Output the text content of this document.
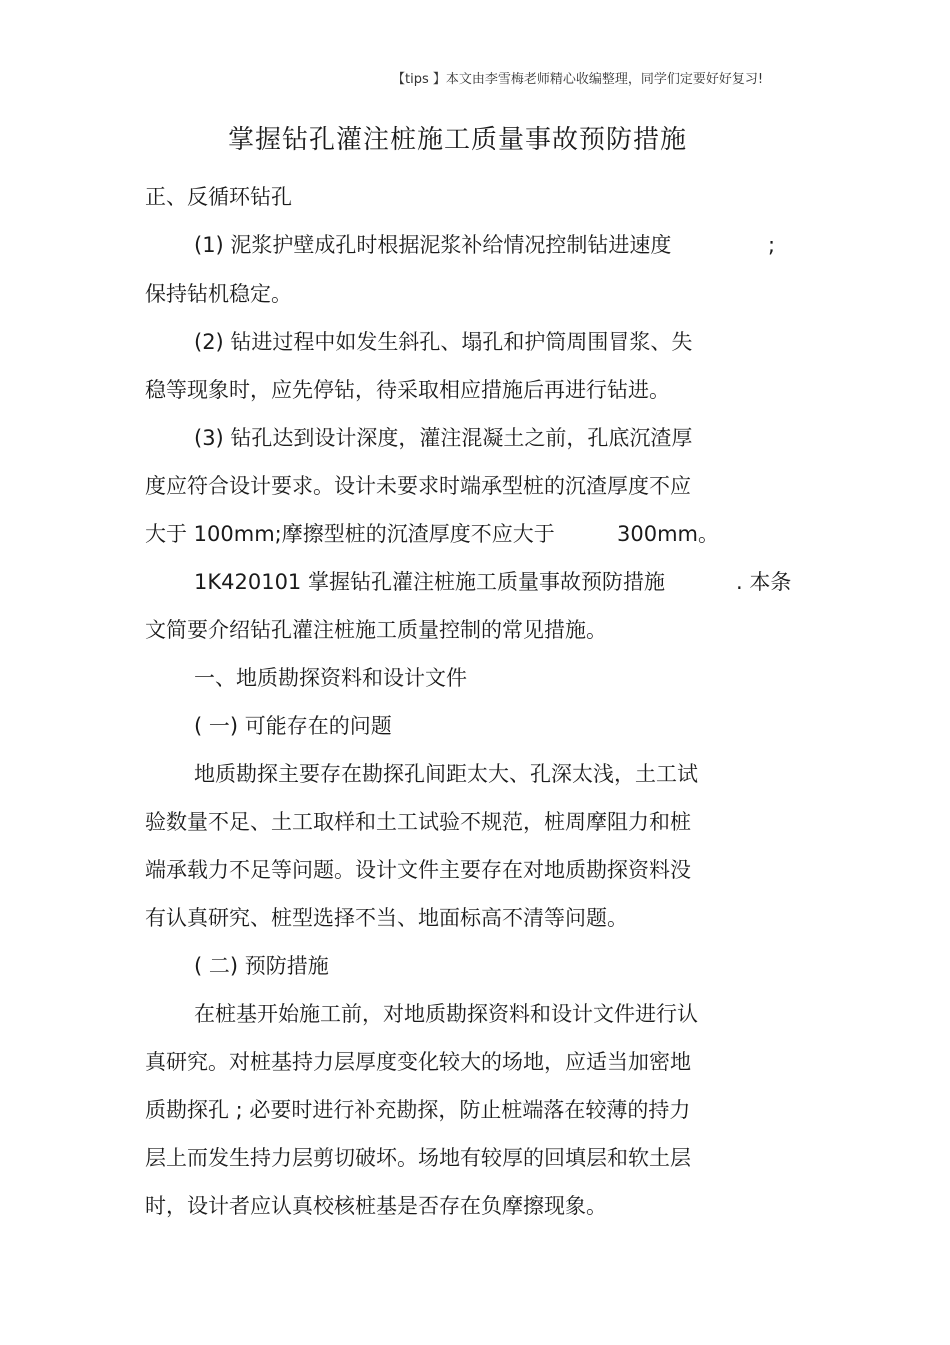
【tips 】本文由李雪梅老师精心收编整理，同学们定要好好复习!
掌握钻孔灌注桩施工质量事故预防措施
正、反循环钻孔
(1) 泥浆护壁成孔时根据泥浆补给情况控制钻进速度	;
保持钻机稳定。
(2) 钻进过程中如发生斜孔、塌孔和护筒周围冒浆、失
稳等现象时，应先停钻，待采取相应措施后再进行钻进。
(3) 钻孔达到设计深度，灌注混凝土之前，孔底沉渣厚
度应符合设计要求。设计未要求时端承型桩的沉渣厚度不应
大于 100mm;摩擦型桩的沉渣厚度不应大于	300mm。
1K420101 掌握钻孔灌注桩施工质量事故预防措施	. 本条
文简要介绍钻孔灌注桩施工质量控制的常见措施。
一、地质勘探资料和设计文件
( 一) 可能存在的问题
地质勘探主要存在勘探孔间距太大、孔深太浅，土工试
验数量不足、土工取样和土工试验不规范，桩周摩阻力和桩
端承载力不足等问题。设计文件主要存在对地质勘探资料没
有认真研究、桩型选择不当、地面标高不清等问题。
( 二) 预防措施
在桩基开始施工前，对地质勘探资料和设计文件进行认
真研究。对桩基持力层厚度变化较大的场地，应适当加密地
质勘探孔 ; 必要时进行补充勘探，防止桩端落在较薄的持力
层上而发生持力层剪切破坏。场地有较厚的回填层和软土层
时，设计者应认真校核桩基是否存在负摩擦现象。
